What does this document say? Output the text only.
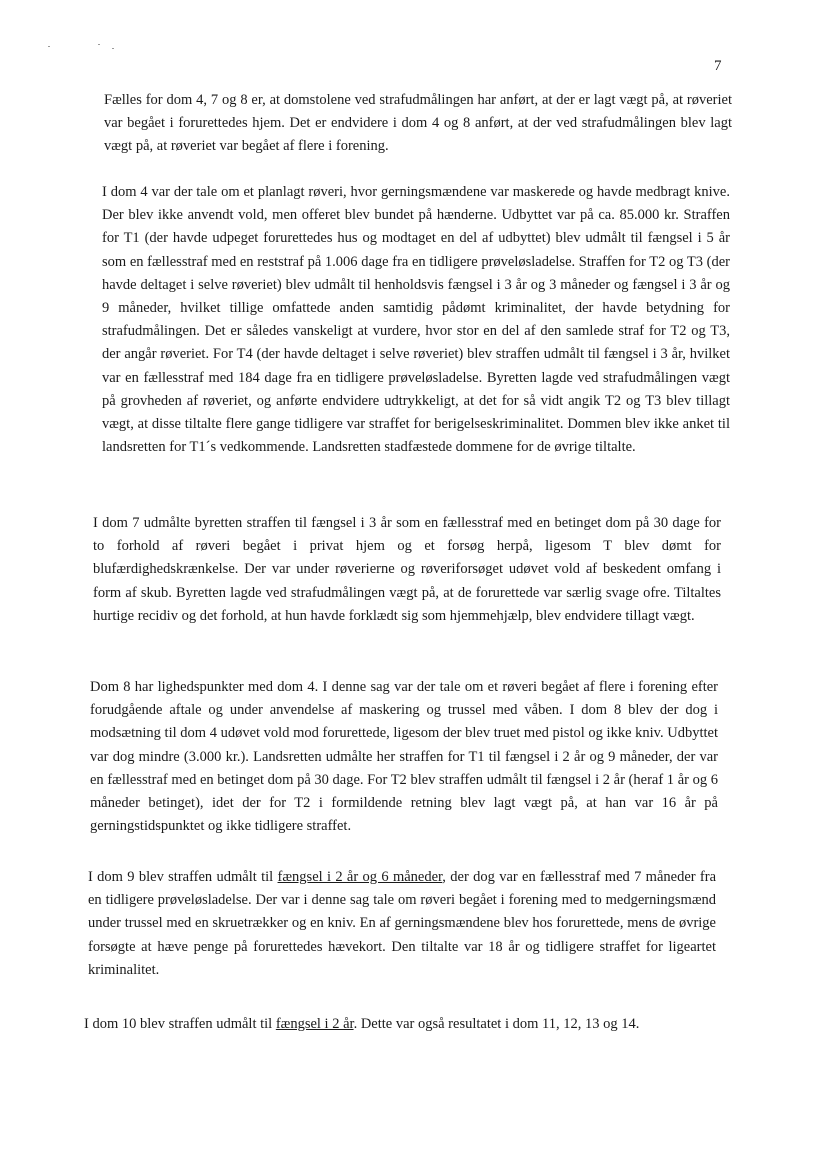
7

Fælles for dom 4, 7 og 8 er, at domstolene ved strafudmålingen har anført, at der er lagt vægt på, at røveriet var begået i forurettedes hjem. Det er endvidere i dom 4 og 8 anført, at der ved strafudmålingen blev lagt vægt på, at røveriet var begået af flere i forening.

I dom 4 var der tale om et planlagt røveri, hvor gerningsmændene var maskerede og havde medbragt knive. Der blev ikke anvendt vold, men offeret blev bundet på hænderne. Udbyttet var på ca. 85.000 kr. Straffen for T1 (der havde udpeget forurettedes hus og modtaget en del af udbyttet) blev udmålt til fængsel i 5 år som en fællesstraf med en reststraf på 1.006 dage fra en tidligere prøveløsladelse. Straffen for T2 og T3 (der havde deltaget i selve røveriet) blev udmålt til henholdsvis fængsel i 3 år og 3 måneder og fængsel i 3 år og 9 måneder, hvilket tillige omfattede anden samtidig pådømt kriminalitet, der havde betydning for strafudmålingen. Det er således vanskeligt at vurdere, hvor stor en del af den samlede straf for T2 og T3, der angår røveriet. For T4 (der havde deltaget i selve røveriet) blev straffen udmålt til fængsel i 3 år, hvilket var en fællesstraf med 184 dage fra en tidligere prøveløsladelse. Byretten lagde ved strafudmålingen vægt på grovheden af røveriet, og anførte endvidere udtrykkeligt, at det for så vidt angik T2 og T3 blev tillagt vægt, at disse tiltalte flere gange tidligere var straffet for berigelseskriminalitet. Dommen blev ikke anket til landsretten for T1´s vedkommende. Landsretten stadfæstede dommene for de øvrige tiltalte.

I dom 7 udmålte byretten straffen til fængsel i 3 år som en fællesstraf med en betinget dom på 30 dage for to forhold af røveri begået i privat hjem og et forsøg herpå, ligesom T blev dømt for blufærdighedskrænkelse. Der var under røverierne og røveriforsøget udøvet vold af beskedent omfang i form af skub. Byretten lagde ved strafudmålingen vægt på, at de forurettede var særlig svage ofre. Tiltaltes hurtige recidiv og det forhold, at hun havde forklædt sig som hjemmehjælp, blev endvidere tillagt vægt.

Dom 8 har lighedspunkter med dom 4. I denne sag var der tale om et røveri begået af flere i forening efter forudgående aftale og under anvendelse af maskering og trussel med våben. I dom 8 blev der dog i modsætning til dom 4 udøvet vold mod forurettede, ligesom der blev truet med pistol og ikke kniv. Udbyttet var dog mindre (3.000 kr.). Landsretten udmålte her straffen for T1 til fængsel i 2 år og 9 måneder, der var en fællesstraf med en betinget dom på 30 dage. For T2 blev straffen udmålt til fængsel i 2 år (heraf 1 år og 6 måneder betinget), idet der for T2 i formildende retning blev lagt vægt på, at han var 16 år på gerningstidspunktet og ikke tidligere straffet.

I dom 9 blev straffen udmålt til fængsel i 2 år og 6 måneder, der dog var en fællesstraf med 7 måneder fra en tidligere prøveløsladelse. Der var i denne sag tale om røveri begået i forening med to medgerningsmænd under trussel med en skruetrækker og en kniv. En af gerningsmændene blev hos forurettede, mens de øvrige forsøgte at hæve penge på forurettedes hævekort. Den tiltalte var 18 år og tidligere straffet for ligeartet kriminalitet.

I dom 10 blev straffen udmålt til fængsel i 2 år. Dette var også resultatet i dom 11, 12, 13 og 14.
